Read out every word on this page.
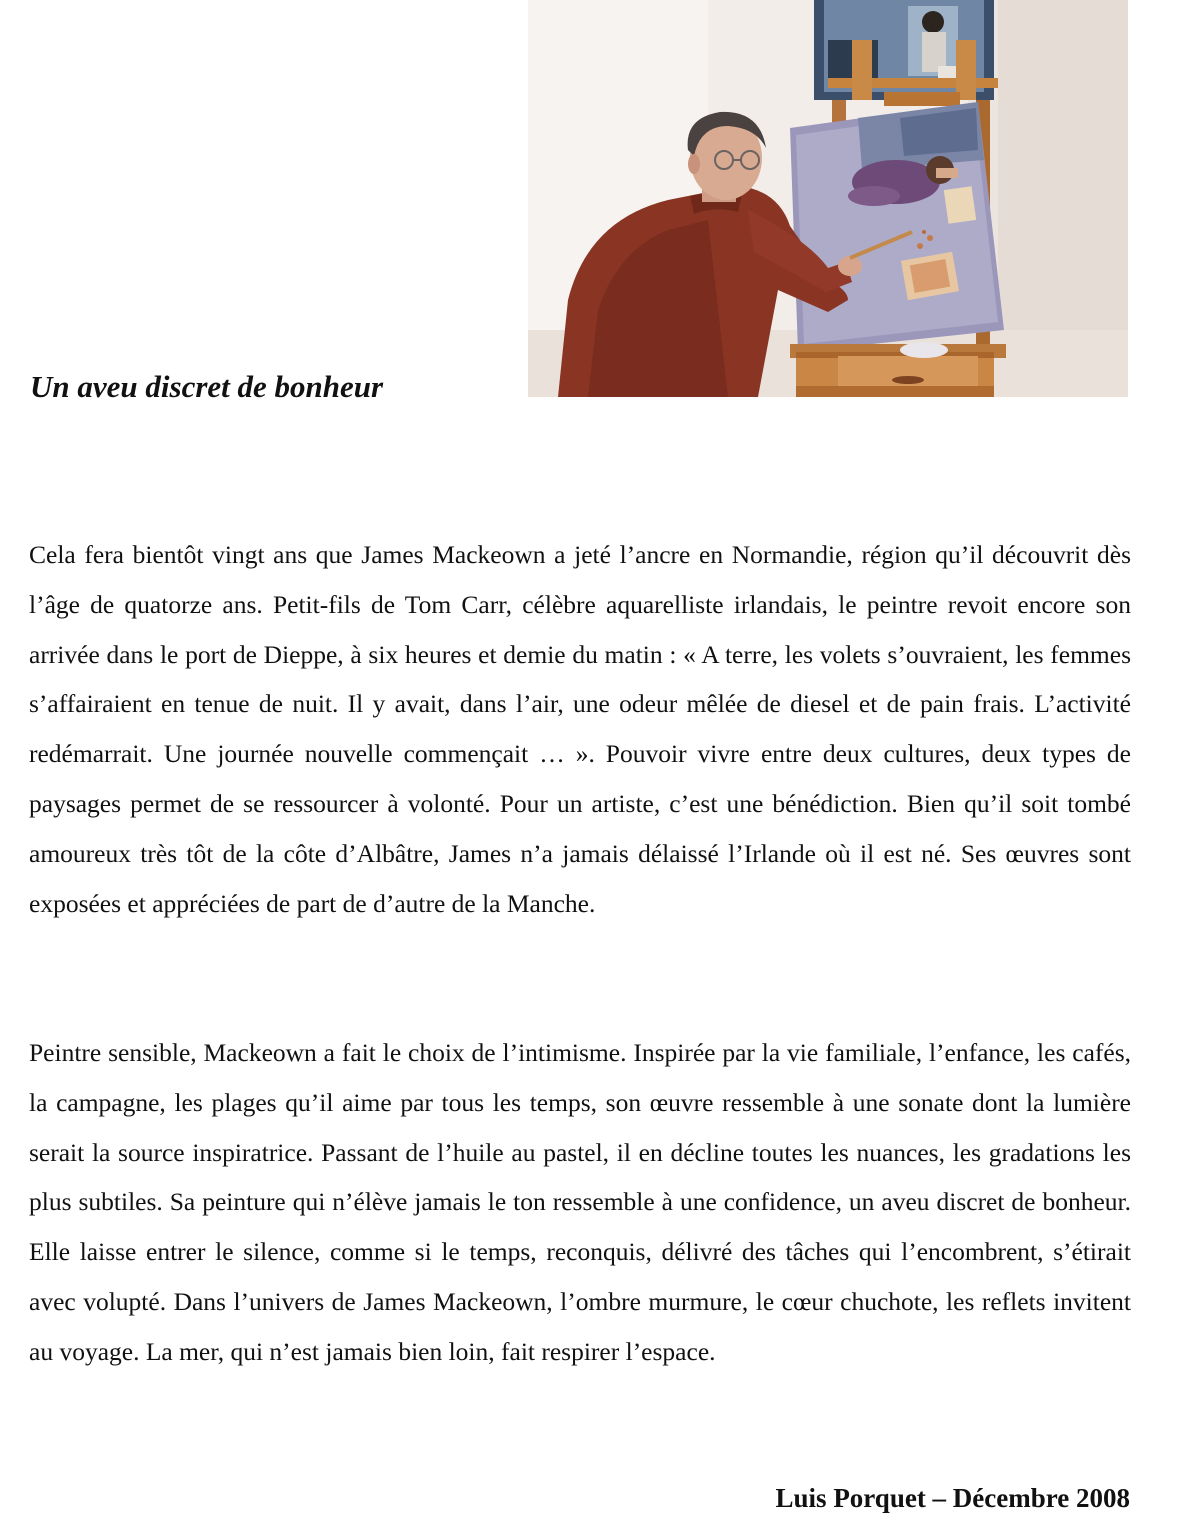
Un aveu discret de bonheur

Cela fera bientôt vingt ans que James Mackeown a jeté l’ancre en Normandie, région qu’il découvrit dès l’âge de quatorze ans. Petit-fils de Tom Carr, célèbre aquarelliste irlandais, le peintre revoit encore son arrivée dans le port de Dieppe, à six heures et demie du matin : « A terre, les volets s’ouvraient, les femmes s’affairaient en tenue de nuit. Il y avait, dans l’air, une odeur mêlée de diesel et de pain frais. L’activité redémarrait. Une journée nouvelle commençait … ». Pouvoir vivre entre deux cultures, deux types de paysages permet de se ressourcer à volonté. Pour un artiste, c’est une bénédiction. Bien qu’il soit tombé amoureux très tôt de la côte d’Albâtre, James n’a jamais délaissé l’Irlande où il est né. Ses œuvres sont exposées et appréciées de part de d’autre de la Manche.

Peintre sensible, Mackeown a fait le choix de l’intimisme. Inspirée par la vie familiale, l’enfance, les cafés, la campagne, les plages qu’il aime par tous les temps, son œuvre ressemble à une sonate dont la lumière serait la source inspiratrice. Passant de l’huile au pastel, il en décline toutes les nuances, les gradations les plus subtiles. Sa peinture qui n’élève jamais le ton ressemble à une confidence, un aveu discret de bonheur. Elle laisse entrer le silence, comme si le temps, reconquis, délivré des tâches qui l’encombrent, s’étirait avec volupté. Dans l’univers de James Mackeown, l’ombre murmure, le cœur chuchote, les reflets invitent au voyage. La mer, qui n’est jamais bien loin, fait respirer l’espace.

Luis Porquet – Décembre 2008
